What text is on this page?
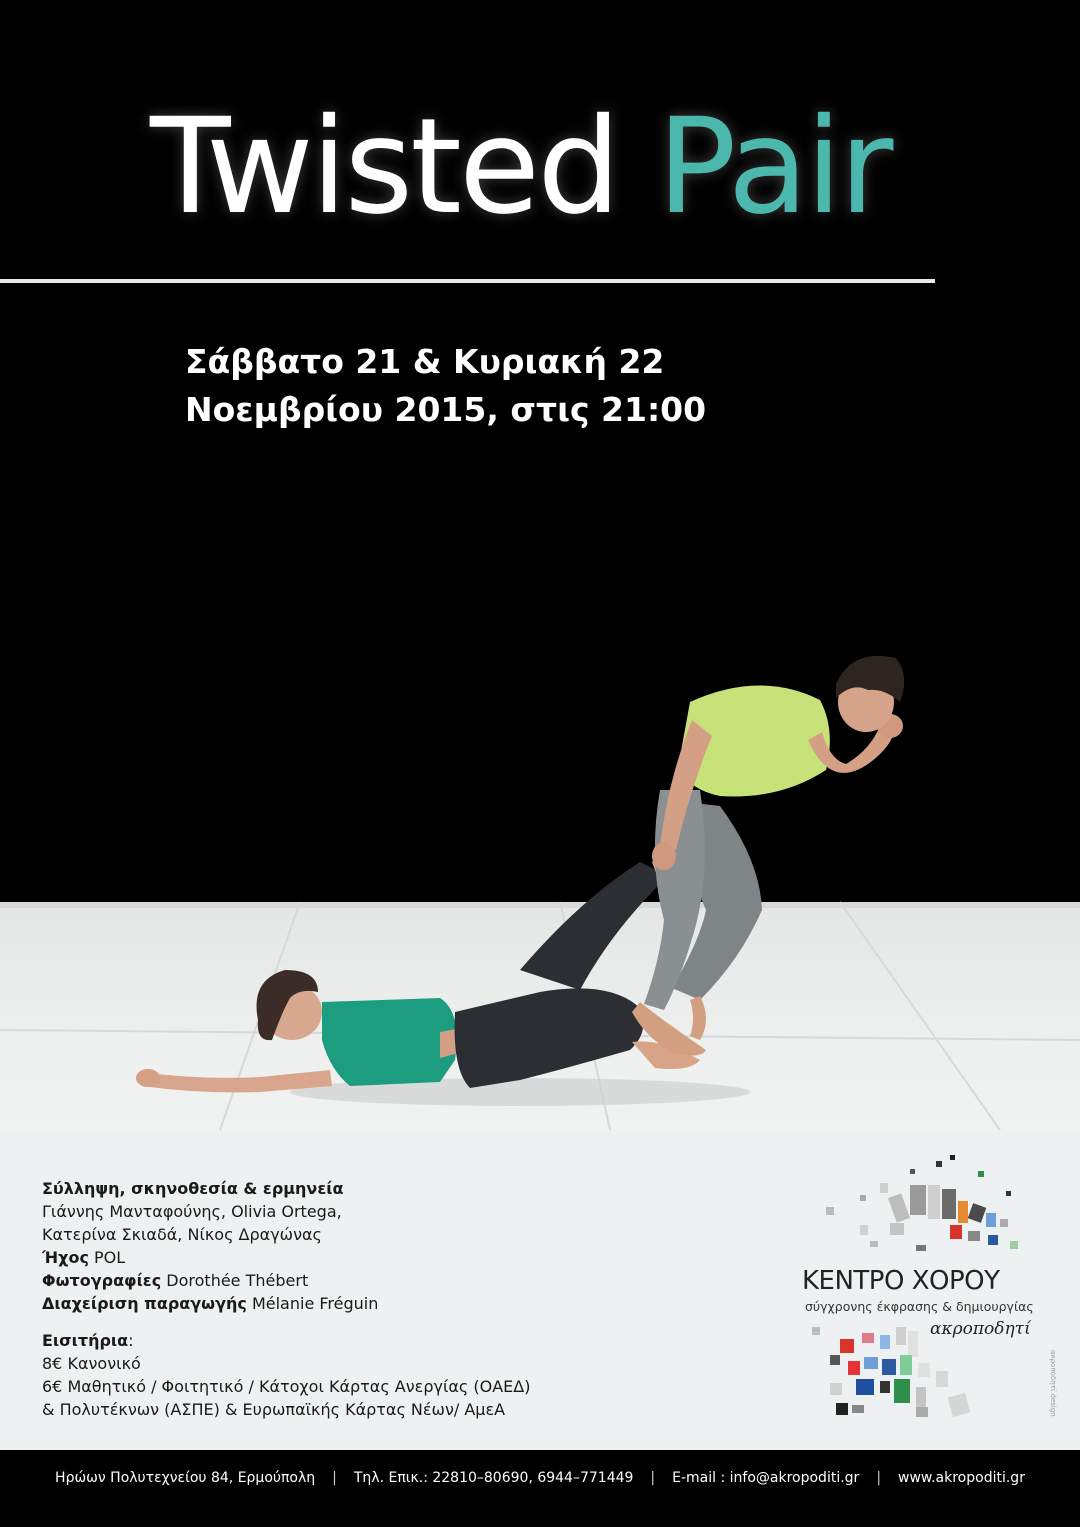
Twisted Pair
Σάββατο 21 & Κυριακή 22
Νοεμβρίου 2015, στις 21:00
Σύλληψη, σκηνοθεσία & ερμηνεία
Γιάννης Μανταφούνης, Olivia Ortega,
Κατερίνα Σκιαδά, Νίκος Δραγώνας
Ήχος POL
Φωτογραφίες Dorothée Thébert
Διαχείριση παραγωγής Mélanie Fréguin
Εισιτήρια:
8€ Κανονικό
6€ Μαθητικό / Φοιτητικό / Κάτοχοι Κάρτας Ανεργίας (ΟΑΕΔ)
& Πολυτέκνων (ΑΣΠΕ) & Ευρωπαϊκής Κάρτας Νέων/ ΑμεΑ
ΚΕΝΤΡΟ ΧΟΡΟΥ
σύγχρονης έκφρασης & δημιουργίας
ακροποδητί
ακροποδητί design
Ηρώων Πολυτεχνείου 84, Ερμούπολη | Τηλ. Επικ.: 22810–80690, 6944–771449 | E-mail : info@akropoditi.gr | www.akropoditi.gr
